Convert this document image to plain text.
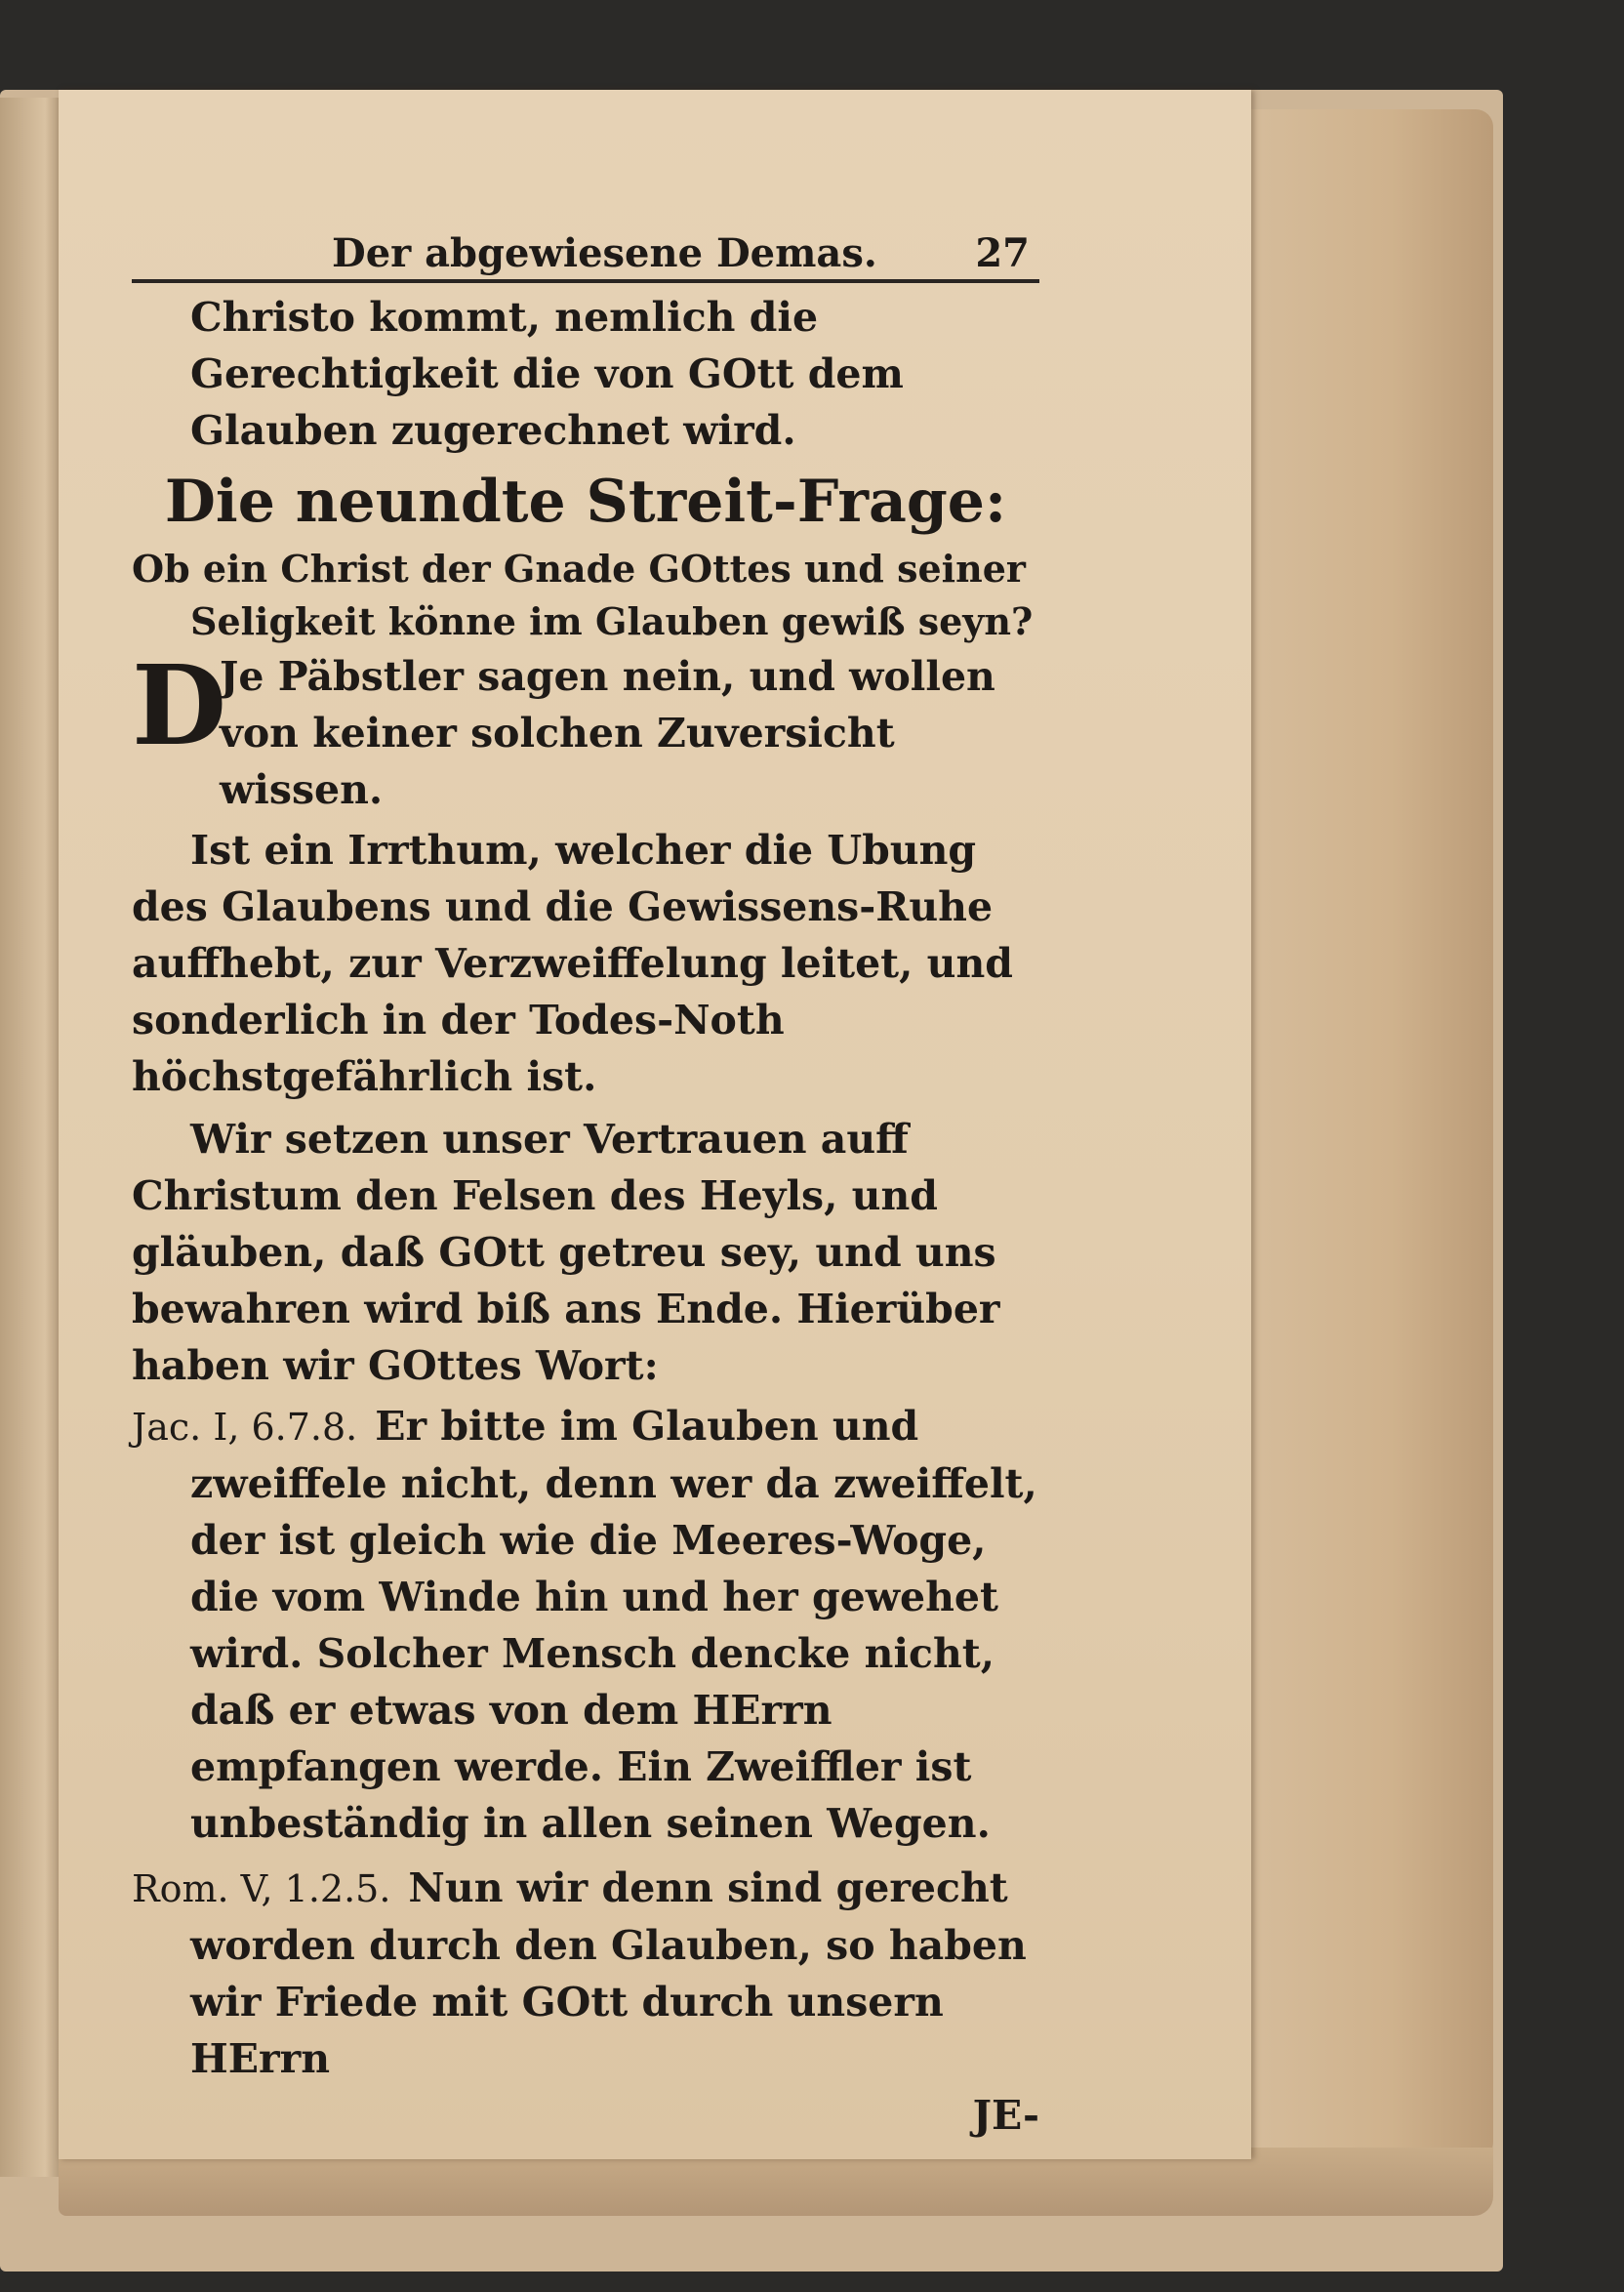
Der abgewiesene Demas.	27

Christo kommt, nemlich die Gerechtigkeit die von GOtt dem Glauben zugerechnet wird.

Die neundte Streit-Frage:

Ob ein Christ der Gnade GOttes und seiner
Seligkeit könne im Glauben gewiß seyn?

D

Je Päbstler sagen nein, und wollen von keiner solchen Zuversicht wissen.

Ist ein Irrthum, welcher die Ubung des Glaubens und die Gewissens-Ruhe auffhebt, zur Verzweiffelung leitet, und sonderlich in der Todes-Noth höchstgefährlich ist.

Wir setzen unser Vertrauen auff Christum den Felsen des Heyls, und gläuben, daß GOtt getreu sey, und uns bewahren wird biß ans Ende. Hierüber haben wir GOttes Wort:

Jac. I, 6.7.8. Er bitte im Glauben und zweiffele nicht, denn wer da zweiffelt, der ist gleich wie die Meeres-Woge, die vom Winde hin und her gewehet wird. Solcher Mensch dencke nicht, daß er etwas von dem HErrn empfangen werde. Ein Zweiffler ist unbeständig in allen seinen Wegen.

Rom. V, 1.2.5. Nun wir denn sind gerecht worden durch den Glauben, so haben wir Friede mit GOtt durch unsern HErrn

JE-
